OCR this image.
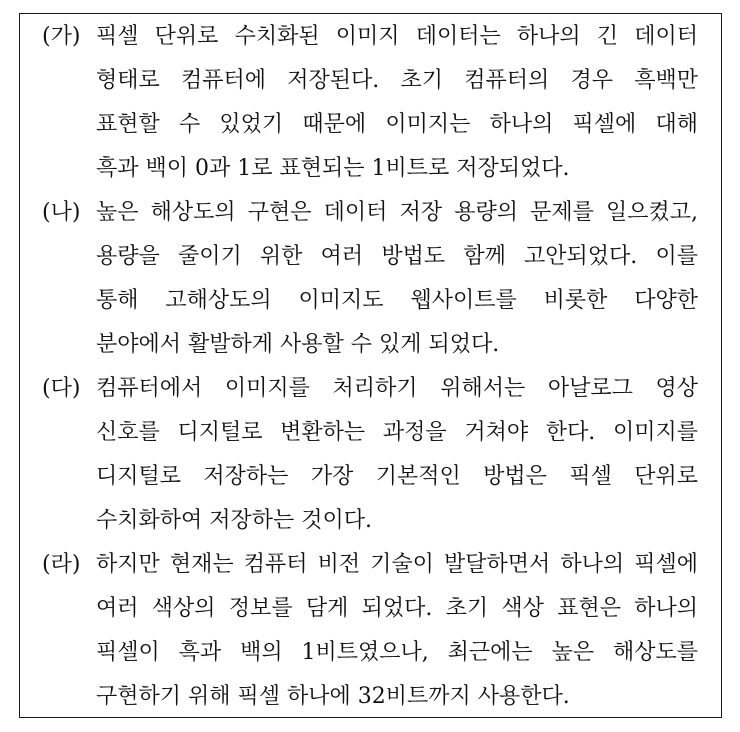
(가) 픽셀 단위로 수치화된 이미지 데이터는 하나의 긴 데이터
형태로 컴퓨터에 저장된다. 초기 컴퓨터의 경우 흑백만
표현할 수 있었기 때문에 이미지는 하나의 픽셀에 대해
흑과 백이 0과 1로 표현되는 1비트로 저장되었다.
(나) 높은 해상도의 구현은 데이터 저장 용량의 문제를 일으켰고,
용량을 줄이기 위한 여러 방법도 함께 고안되었다. 이를
통해 고해상도의 이미지도 웹사이트를 비롯한 다양한
분야에서 활발하게 사용할 수 있게 되었다.
(다) 컴퓨터에서 이미지를 처리하기 위해서는 아날로그 영상
신호를 디지털로 변환하는 과정을 거쳐야 한다. 이미지를
디지털로 저장하는 가장 기본적인 방법은 픽셀 단위로
수치화하여 저장하는 것이다.
(라) 하지만 현재는 컴퓨터 비전 기술이 발달하면서 하나의 픽셀에
여러 색상의 정보를 담게 되었다. 초기 색상 표현은 하나의
픽셀이 흑과 백의 1비트였으나, 최근에는 높은 해상도를
구현하기 위해 픽셀 하나에 32비트까지 사용한다.
